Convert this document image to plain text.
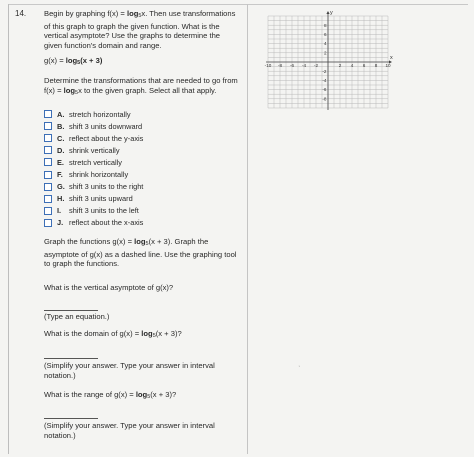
14. Begin by graphing $f(x) = \log_5x$. Then use transformations of this graph to graph the given function. What is the vertical asymptote? Use the graphs to determine the given function's domain and range.
$g(x) = \log_5(x + 3)$
Determine the transformations that are needed to go from
$f(x) = \log_5x$ to the given graph. Select all that apply.
A. stretch horizontally
B. shift 3 units downward
C. reflect about the y-axis
D. shrink vertically
E. stretch vertically
F. shrink horizontally
G. shift 3 units to the right
H. shift 3 units upward
I.	shift 3 units to the left
J. reflect about the x-axis
Graph the functions $g(x) = \log_5(x + 3)$. Graph the asymptote of g(x) as a dashed line. Use the graphing tool to graph the functions.
What is the vertical asymptote of g(x)?
(Type an equation.)
What is the domain of $g(x) = \log_5(x + 3)$?
(Simplify your answer. Type your answer in interval notation.)
What is the range of $g(x) = \log_5(x + 3)$?
(Simplify your answer. Type your answer in interval notation.)
-10 -8 -6 -4 -2	2 4 6 8 10
8
6
4
2
-2
-4
-6
-8
x
y
ʾ
